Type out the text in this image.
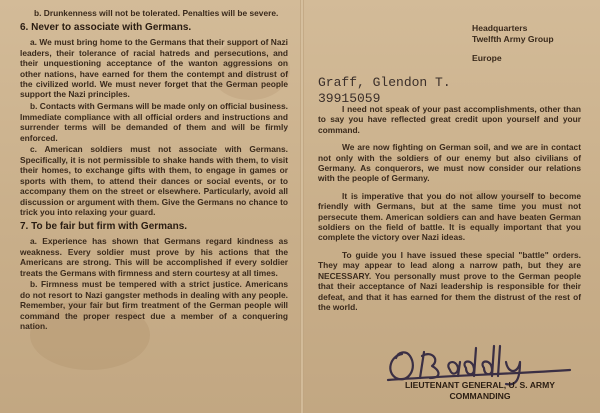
b. Drunkenness will not be tolerated. Penalties will be severe.

6. Never to associate with Germans.

a. We must bring home to the Germans that their support of Nazi leaders, their tolerance of racial hatreds and persecutions, and their unquestioning acceptance of the wanton aggressions on other nations, have earned for them the contempt and distrust of the civilized world. We must never forget that the German people support the Nazi principles.

b. Contacts with Germans will be made only on official business. Immediate compliance with all official orders and instructions and surrender terms will be demanded of them and will be firmly enforced.

c. American soldiers must not associate with Germans. Specifically, it is not permissible to shake hands with them, to visit their homes, to exchange gifts with them, to engage in games or sports with them, to attend their dances or social events, or to accompany them on the street or elsewhere. Particularly, avoid all discussion or argument with them. Give the Germans no chance to trick you into relaxing your guard.

7. To be fair but firm with Germans.

a. Experience has shown that Germans regard kindness as weakness. Every soldier must prove by his actions that the Americans are strong. This will be accomplished if every soldier treats the Germans with firmness and stern courtesy at all times.

b. Firmness must be tempered with a strict justice. Americans do not resort to Nazi gangster methods in dealing with any people. Remember, your fair but firm treatment of the German people will command the proper respect due a member of a conquering nation.

Headquarters
Twelfth Army Group
Europe
Graff, Glendon T.
39915059

I need not speak of your past accomplishments, other than to say you have reflected great credit upon yourself and your command.

We are now fighting on German soil, and we are in contact not only with the soldiers of our enemy but also civilians of Germany. As conquerors, we must now consider our relations with the people of Germany.

It is imperative that you do not allow yourself to become friendly with Germans, but at the same time you must not persecute them. American soldiers can and have beaten German soldiers on the field of battle. It is equally important that you complete the victory over Nazi ideas.

To guide you I have issued these special "battle" orders. They may appear to lead along a narrow path, but they are NECESSARY. You personally must prove to the German people that their acceptance of Nazi leadership is responsible for their defeat, and that it has earned for them the distrust of the rest of the world.

LIEUTENANT GENERAL, U. S. ARMY
COMMANDING
